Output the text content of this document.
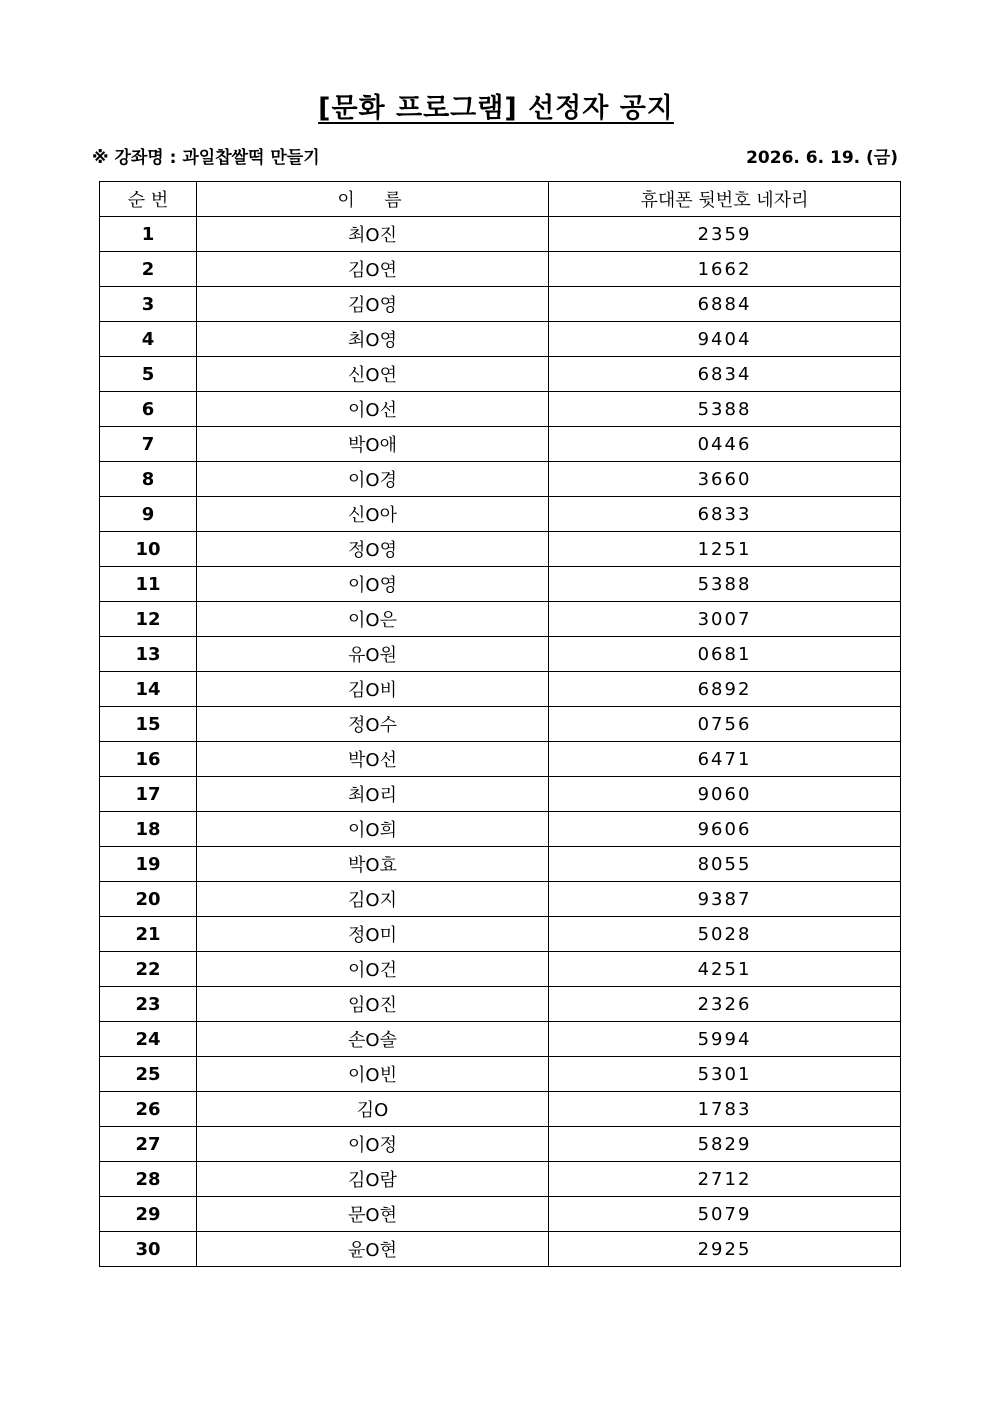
[문화 프로그램] 선정자 공지
※ 강좌명 : 과일찹쌀떡 만들기	2026. 6. 19. (금)
순 번	이  름	휴대폰 뒷번호 네자리
1	최O진	2359
2	김O연	1662
3	김O영	6884
4	최O영	9404
5	신O연	6834
6	이O선	5388
7	박O애	0446
8	이O경	3660
9	신O아	6833
10	정O영	1251
11	이O영	5388
12	이O은	3007
13	유O원	0681
14	김O비	6892
15	정O수	0756
16	박O선	6471
17	최O리	9060
18	이O희	9606
19	박O효	8055
20	김O지	9387
21	정O미	5028
22	이O건	4251
23	임O진	2326
24	손O솔	5994
25	이O빈	5301
26	김O	1783
27	이O정	5829
28	김O람	2712
29	문O현	5079
30	윤O현	2925
